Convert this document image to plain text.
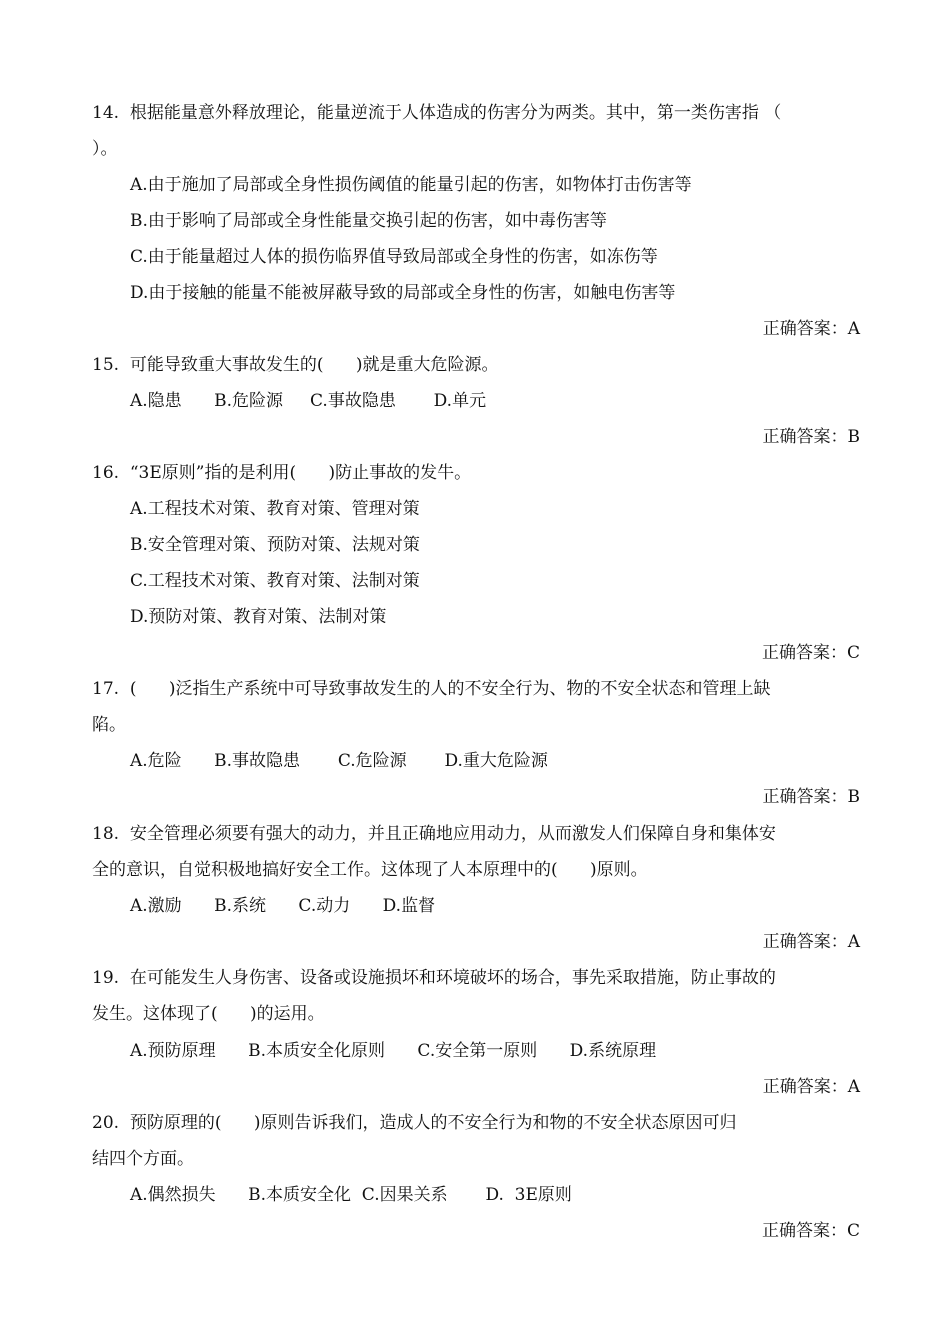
14.  根据能量意外释放理论，能量逆流于人体造成的伤害分为两类。其中，第一类伤害指 （
）。
A.由于施加了局部或全身性损伤阈值的能量引起的伤害，如物体打击伤害等
B.由于影响了局部或全身性能量交换引起的伤害，如中毒伤害等
C.由于能量超过人体的损伤临界值导致局部或全身性的伤害，如冻伤等
D.由于接触的能量不能被屏蔽导致的局部或全身性的伤害，如触电伤害等
正确答案：A
15.  可能导致重大事故发生的(      )就是重大危险源。
A.隐患      B.危险源     C.事故隐患       D.单元
正确答案：B
16.  “3E原则”指的是利用(      )防止事故的发牛。
A.工程技术对策、教育对策、管理对策
B.安全管理对策、预防对策、法规对策
C.工程技术对策、教育对策、法制对策
D.预防对策、教育对策、法制对策
正确答案：C
17.  (      )泛指生产系统中可导致事故发生的人的不安全行为、物的不安全状态和管理上缺
陷。
A.危险      B.事故隐患       C.危险源       D.重大危险源
正确答案：B
18.  安全管理必须要有强大的动力，并且正确地应用动力，从而激发人们保障自身和集体安
全的意识，自觉积极地搞好安全工作。这体现了人本原理中的(      )原则。
A.激励      B.系统      C.动力      D.监督
正确答案：A
19.  在可能发生人身伤害、设备或设施损坏和环境破坏的场合，事先采取措施，防止事故的
发生。这体现了(      )的运用。
A.预防原理      B.本质安全化原则      C.安全第一原则      D.系统原理
正确答案：A
20.  预防原理的(      )原则告诉我们，造成人的不安全行为和物的不安全状态原因可归
结四个方面。
A.偶然损失      B.本质安全化  C.因果关系       D.  3E原则
正确答案：C
